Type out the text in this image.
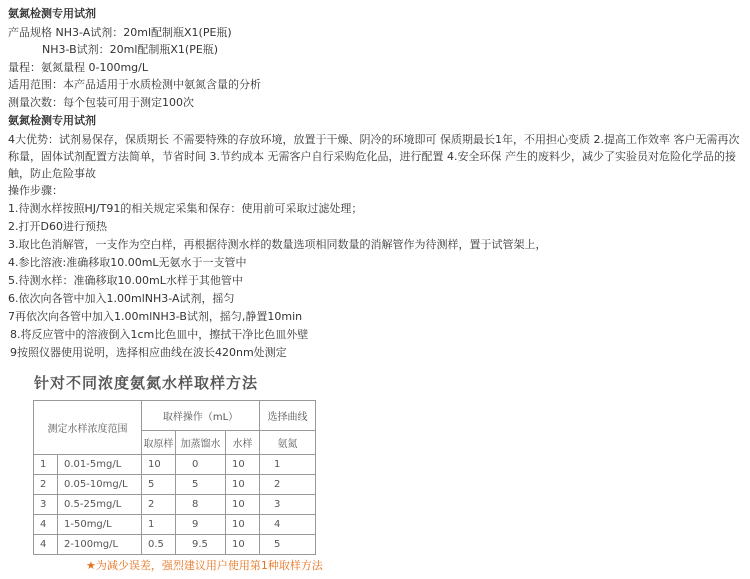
氨氮检测专用试剂
产品规格 NH3-A试剂：20ml配制瓶X1(PE瓶)
NH3-B试剂：20ml配制瓶X1(PE瓶)
量程：氨氮量程 0-100mg/L
适用范围：本产品适用于水质检测中氨氮含量的分析
测量次数：每个包装可用于测定100次
氨氮检测专用试剂
4大优势：试剂易保存，保质期长 不需要特殊的存放环境，放置于干燥、阴冷的环境即可 保质期最长1年，不用担心变质 2.提高工作效率 客户无需再次称量，固体试剂配置方法简单，节省时间 3.节约成本 无需客户自行采购危化品，进行配置 4.安全环保 产生的废料少，减少了实验员对危险化学品的接触，防止危险事故
操作步骤：
1.待测水样按照HJ/T91的相关规定采集和保存：使用前可采取过滤处理；
2.打开D60进行预热
3.取比色消解管，一支作为空白样，再根据待测水样的数量选项相同数量的消解管作为待测样，置于试管架上，
4.参比溶液:准确移取10.00mL无氨水于一支管中
5.待测水样：准确移取10.00mL水样于其他管中
6.依次向各管中加入1.00mlNH3-A试剂，摇匀
7再依次向各管中加入1.00mlNH3-B试剂，摇匀,静置10min
8.将反应管中的溶液倒入1cm比色皿中，擦拭干净比色皿外壁
9按照仪器使用说明，选择相应曲线在波长420nm处测定
针对不同浓度氨氮水样取样方法
测定水样浓度范围		取样操作（mL）			选择曲线
		取原样	加蒸馏水	水样	氨氮
1	0.01-5mg/L	10	0	10	1
2	0.05-10mg/L	5	5	10	2
3	0.5-25mg/L	2	8	10	3
4	1-50mg/L	1	9	10	4
4	2-100mg/L	0.5	9.5	10	5
★为减少误差，强烈建议用户使用第1种取样方法
